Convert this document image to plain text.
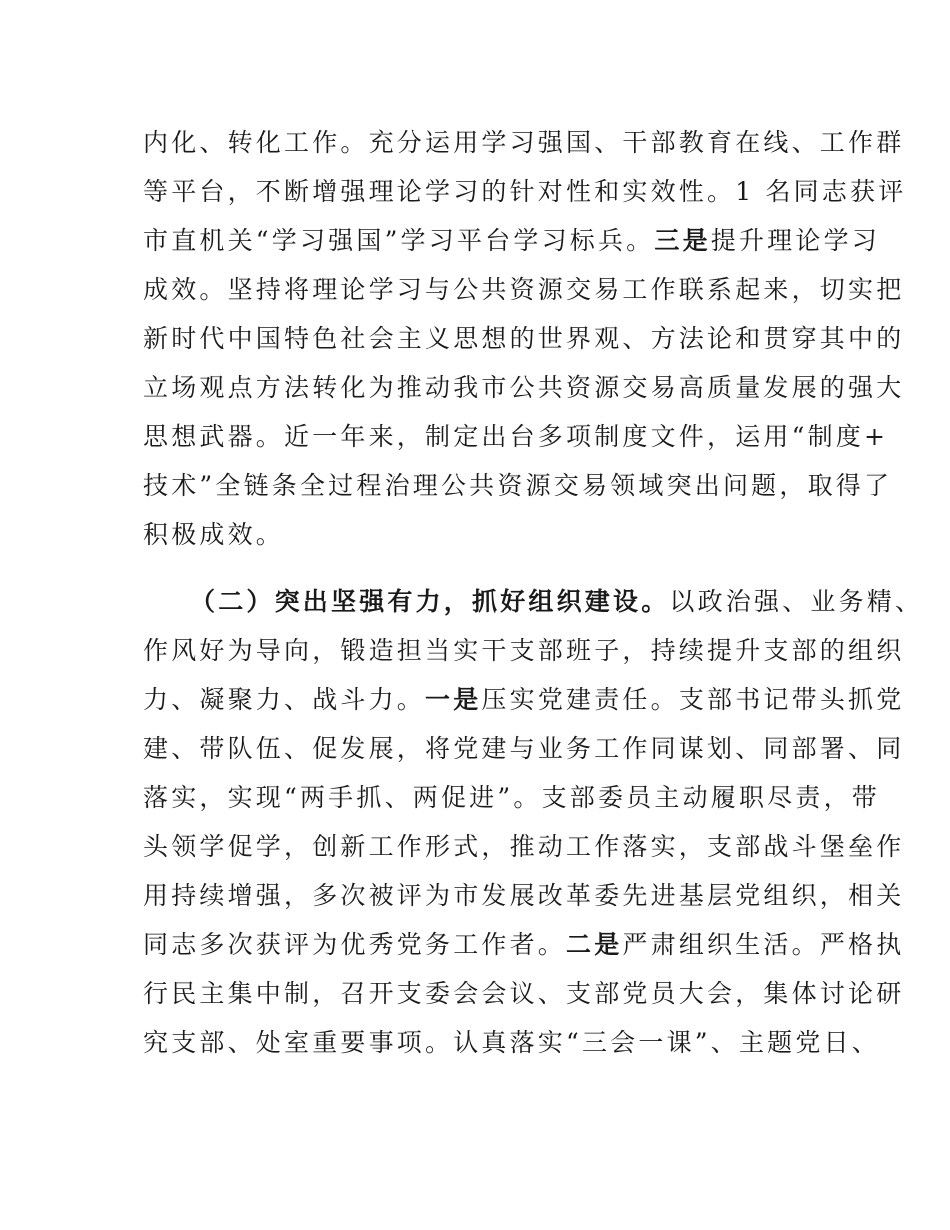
内化、转化工作。充分运用学习强国、干部教育在线、工作群
等平台，不断增强理论学习的针对性和实效性。1 名同志获评
市直机关“学习强国”学习平台学习标兵。三是提升理论学习
成效。坚持将理论学习与公共资源交易工作联系起来，切实把
新时代中国特色社会主义思想的世界观、方法论和贯穿其中的
立场观点方法转化为推动我市公共资源交易高质量发展的强大
思想武器。近一年来，制定出台多项制度文件，运用“制度+
技术”全链条全过程治理公共资源交易领域突出问题，取得了
积极成效。
（二）突出坚强有力，抓好组织建设。以政治强、业务精、
作风好为导向，锻造担当实干支部班子，持续提升支部的组织
力、凝聚力、战斗力。一是压实党建责任。支部书记带头抓党
建、带队伍、促发展，将党建与业务工作同谋划、同部署、同
落实，实现“两手抓、两促进”。支部委员主动履职尽责，带
头领学促学，创新工作形式，推动工作落实，支部战斗堡垒作
用持续增强，多次被评为市发展改革委先进基层党组织，相关
同志多次获评为优秀党务工作者。二是严肃组织生活。严格执
行民主集中制，召开支委会会议、支部党员大会，集体讨论研
究支部、处室重要事项。认真落实“三会一课”、主题党日、
